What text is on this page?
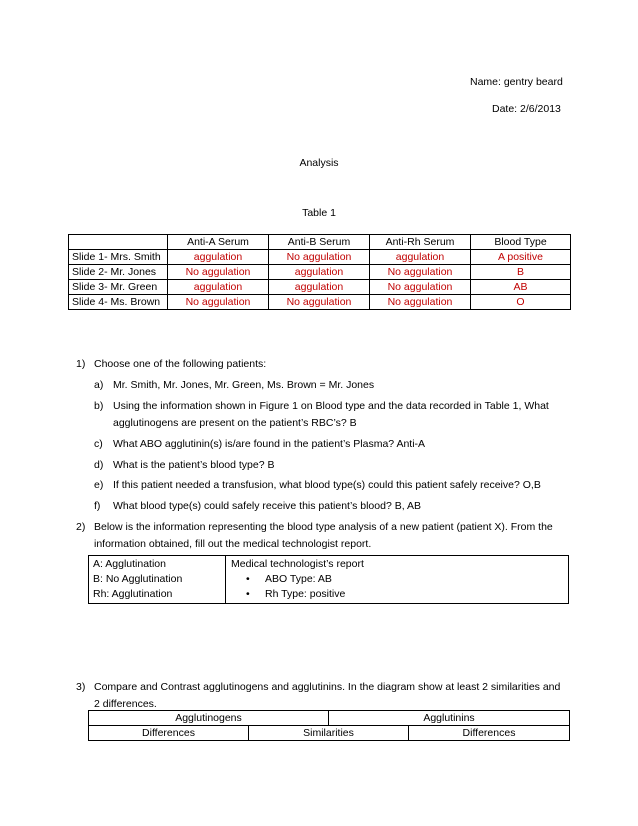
Name: gentry beard
Date: 2/6/2013
Analysis
Table 1
	Anti-A Serum	Anti-B Serum	Anti-Rh Serum	Blood Type
Slide 1- Mrs. Smith	aggulation	No aggulation	aggulation	A positive
Slide 2- Mr. Jones	No aggulation	aggulation	No aggulation	B
Slide 3- Mr. Green	aggulation	aggulation	No aggulation	AB
Slide 4- Ms. Brown	No aggulation	No aggulation	No aggulation	O
1) Choose one of the following patients:
a) Mr. Smith, Mr. Jones, Mr. Green, Ms. Brown = Mr. Jones
b) Using the information shown in Figure 1 on Blood type and the data recorded in Table 1, What
agglutinogens are present on the patient’s RBC’s? B
c) What ABO agglutinin(s) is/are found in the patient’s Plasma? Anti-A
d) What is the patient’s blood type? B
e) If this patient needed a transfusion, what blood type(s) could this patient safely receive? O,B
f) What blood type(s) could safely receive this patient’s blood? B, AB
2) Below is the information representing the blood type analysis of a new patient (patient X). From the
information obtained, fill out the medical technologist report.
A: Agglutination
B: No Agglutination
Rh: Agglutination
Medical technologist’s report
• ABO Type: AB
• Rh Type: positive
3) Compare and Contrast agglutinogens and agglutinins. In the diagram show at least 2 similarities and
2 differences.
Agglutinogens		Agglutinins	
Differences	Similarities		Differences
